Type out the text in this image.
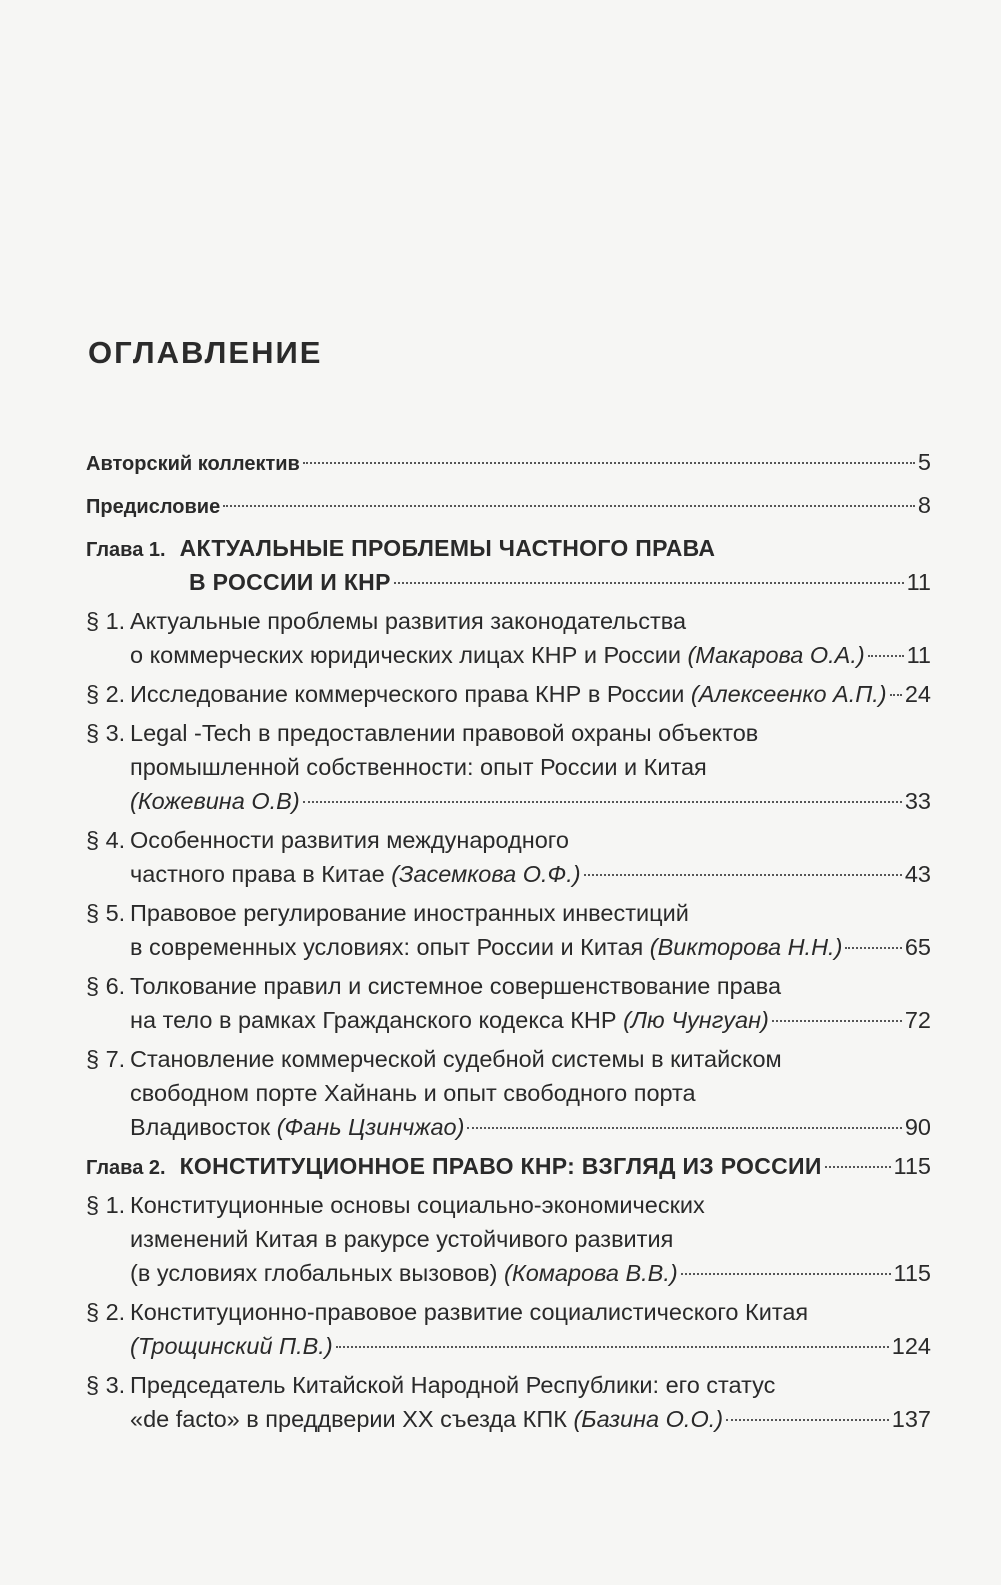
ОГЛАВЛЕНИЕ
Авторский коллектив	5
Предисловие	8
Глава 1. АКТУАЛЬНЫЕ ПРОБЛЕМЫ ЧАСТНОГО ПРАВА
В РОССИИ И КНР	11
§ 1. Актуальные проблемы развития законодательства
о коммерческих юридических лицах КНР и России
(Макарова О.А.) 11
§ 2. Исследование коммерческого права КНР в России
(Алексеенко А.П.) 24
§ 3. Legal -Tech в предоставлении правовой охраны объектов
промышленной собственности: опыт России и Китая
(Кожевина О.В)	33
§ 4. Особенности развития международного
частного права в Китае
(Засемкова О.Ф.)	43
§ 5. Правовое регулирование иностранных инвестиций
в современных условиях: опыт России и Китая
(Викторова Н.Н.)	65
§ 6. Толкование правил и системное совершенствование права
на тело в рамках Гражданского кодекса КНР
(Лю Чунгуан)	72
§ 7. Становление коммерческой судебной системы в китайском
свободном порте Хайнань и опыт свободного порта
Владивосток
(Фань Цзинчжао)	90
Глава 2. КОНСТИТУЦИОННОЕ ПРАВО КНР: ВЗГЛЯД ИЗ РОССИИ	115
§ 1. Конституционные основы социально-экономических
изменений Китая в ракурсе устойчивого развития
(в условиях глобальных вызовов)
(Комарова В.В.)	115
§ 2. Конституционно-правовое развитие социалистического Китая
(Трощинский П.В.)	124
§ 3. Председатель Китайской Народной Республики: его статус
«de facto» в преддверии XX съезда КПК
(Базина О.О.)	137
